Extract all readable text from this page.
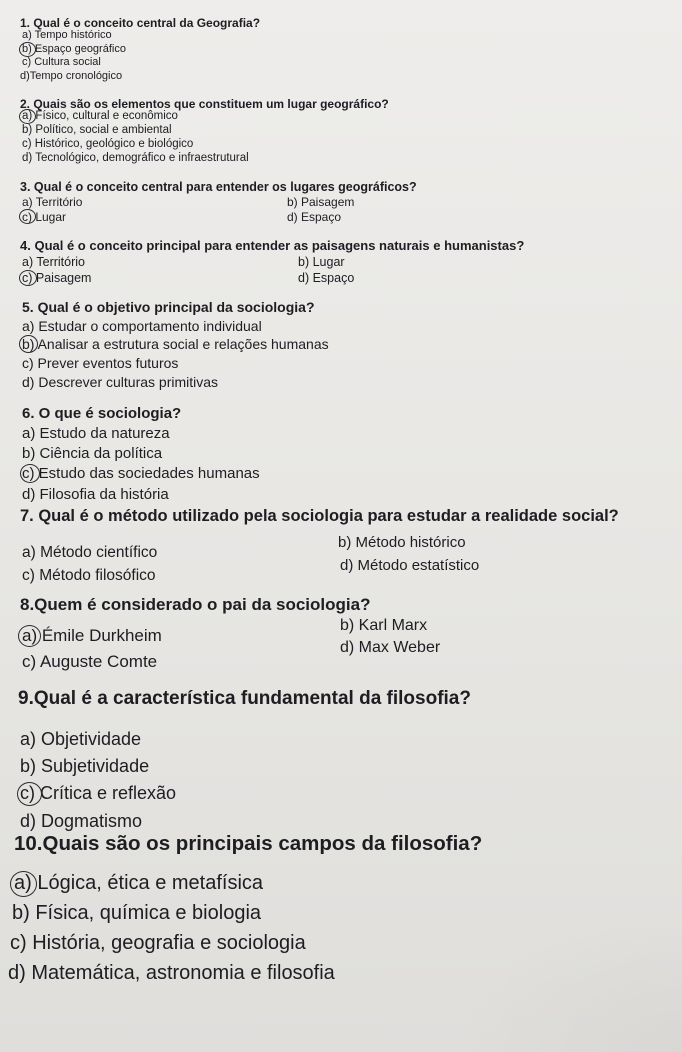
1. Qual é o conceito central da Geografia?
a) Tempo histórico
b) Espaço geográfico
c) Cultura social
d)Tempo cronológico
2. Quais são os elementos que constituem um lugar geográfico?
a) Físico, cultural e econômico
b) Político, social e ambiental
c) Histórico, geológico e biológico
d) Tecnológico, demográfico e infraestrutural
3. Qual é o conceito central para entender os lugares geográficos?
a) Território	b) Paisagem
c) Lugar	d) Espaço
4. Qual é o conceito principal para entender as paisagens naturais e humanistas?
a) Território	b) Lugar
c) Paisagem	d) Espaço
5. Qual é o objetivo principal da sociologia?
a) Estudar o comportamento individual
b) Analisar a estrutura social e relações humanas
c) Prever eventos futuros
d) Descrever culturas primitivas
6. O que é sociologia?
a) Estudo da natureza
b) Ciência da política
c) Estudo das sociedades humanas
d) Filosofia da história
7. Qual é o método utilizado pela sociologia para estudar a realidade social?
a) Método científico
b) Método histórico
c) Método filosófico
d) Método estatístico
8.Quem é considerado o pai da sociologia?
a) Émile Durkheim
b) Karl Marx
c) Auguste Comte
d) Max Weber
9.Qual é a característica fundamental da filosofia?
a) Objetividade
b) Subjetividade
c) Crítica e reflexão
d) Dogmatismo
10.Quais são os principais campos da filosofia?
a) Lógica, ética e metafísica
b) Física, química e biologia
c) História, geografia e sociologia
d) Matemática, astronomia e filosofia
